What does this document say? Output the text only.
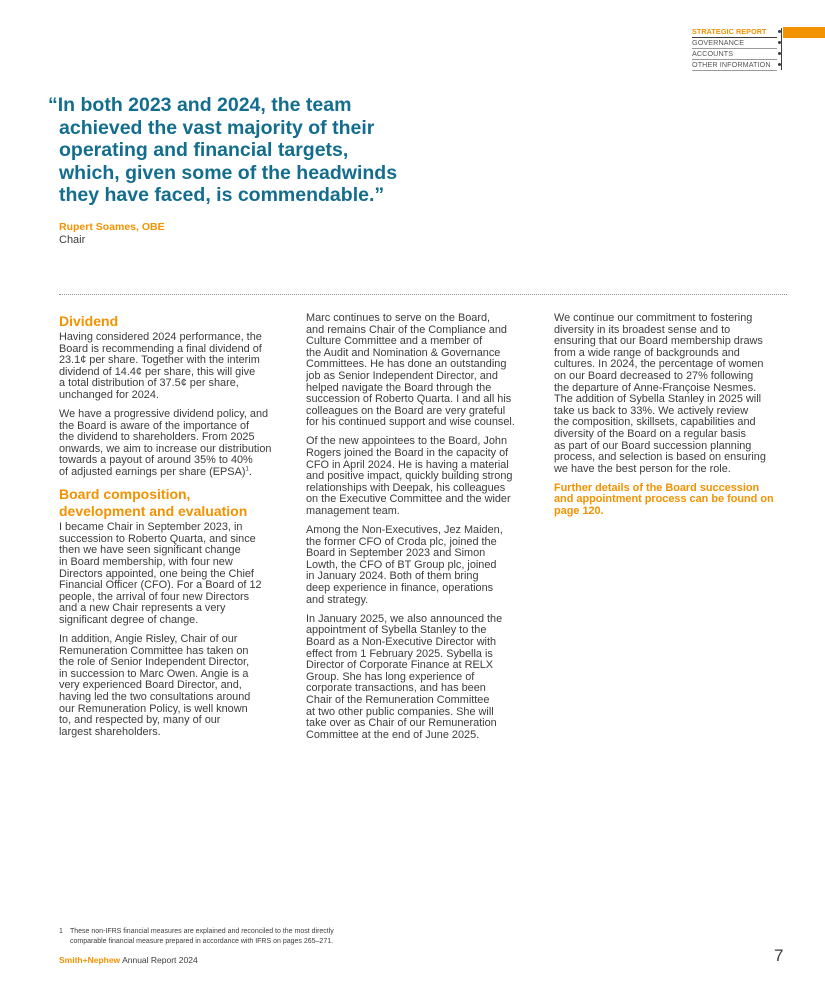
STRATEGIC REPORT
GOVERNANCE
ACCOUNTS
OTHER INFORMATION
“In both 2023 and 2024, the team
achieved the vast majority of their
operating and financial targets,
which, given some of the headwinds
they have faced, is commendable.”
Rupert Soames, OBE
Chair
Dividend

Having considered 2024 performance, the
Board is recommending a final dividend of
23.1¢ per share. Together with the interim
dividend of 14.4¢ per share, this will give
a total distribution of 37.5¢ per share,
unchanged for 2024.

We have a progressive dividend policy, and
the Board is aware of the importance of
the dividend to shareholders. From 2025
onwards, we aim to increase our distribution
towards a payout of around 35% to 40%
of adjusted earnings per share (EPSA)$^1$.

Board composition,
development and evaluation

I became Chair in September 2023, in
succession to Roberto Quarta, and since
then we have seen significant change
in Board membership, with four new
Directors appointed, one being the Chief
Financial Officer (CFO). For a Board of 12
people, the arrival of four new Directors
and a new Chair represents a very
significant degree of change.

In addition, Angie Risley, Chair of our
Remuneration Committee has taken on
the role of Senior Independent Director,
in succession to Marc Owen. Angie is a
very experienced Board Director, and,
having led the two consultations around
our Remuneration Policy, is well known
to, and respected by, many of our
largest shareholders.

Marc continues to serve on the Board,
and remains Chair of the Compliance and
Culture Committee and a member of
the Audit and Nomination & Governance
Committees. He has done an outstanding
job as Senior Independent Director, and
helped navigate the Board through the
succession of Roberto Quarta. I and all his
colleagues on the Board are very grateful
for his continued support and wise counsel.

Of the new appointees to the Board, John
Rogers joined the Board in the capacity of
CFO in April 2024. He is having a material
and positive impact, quickly building strong
relationships with Deepak, his colleagues
on the Executive Committee and the wider
management team.

Among the Non-Executives, Jez Maiden,
the former CFO of Croda plc, joined the
Board in September 2023 and Simon
Lowth, the CFO of BT Group plc, joined
in January 2024. Both of them bring
deep experience in finance, operations
and strategy.

In January 2025, we also announced the
appointment of Sybella Stanley to the
Board as a Non-Executive Director with
effect from 1 February 2025. Sybella is
Director of Corporate Finance at RELX
Group. She has long experience of
corporate transactions, and has been
Chair of the Remuneration Committee
at two other public companies. She will
take over as Chair of our Remuneration
Committee at the end of June 2025.

We continue our commitment to fostering
diversity in its broadest sense and to
ensuring that our Board membership draws
from a wide range of backgrounds and
cultures. In 2024, the percentage of women
on our Board decreased to 27% following
the departure of Anne-Françoise Nesmes.
The addition of Sybella Stanley in 2025 will
take us back to 33%. We actively review
the composition, skillsets, capabilities and
diversity of the Board on a regular basis
as part of our Board succession planning
process, and selection is based on ensuring
we have the best person for the role.

Further details of the Board succession
and appointment process can be found on
page 120.

1 These non-IFRS financial measures are explained and reconciled to the most directly
comparable financial measure prepared in accordance with IFRS on pages 265–271.
Smith+Nephew Annual Report 2024	7
